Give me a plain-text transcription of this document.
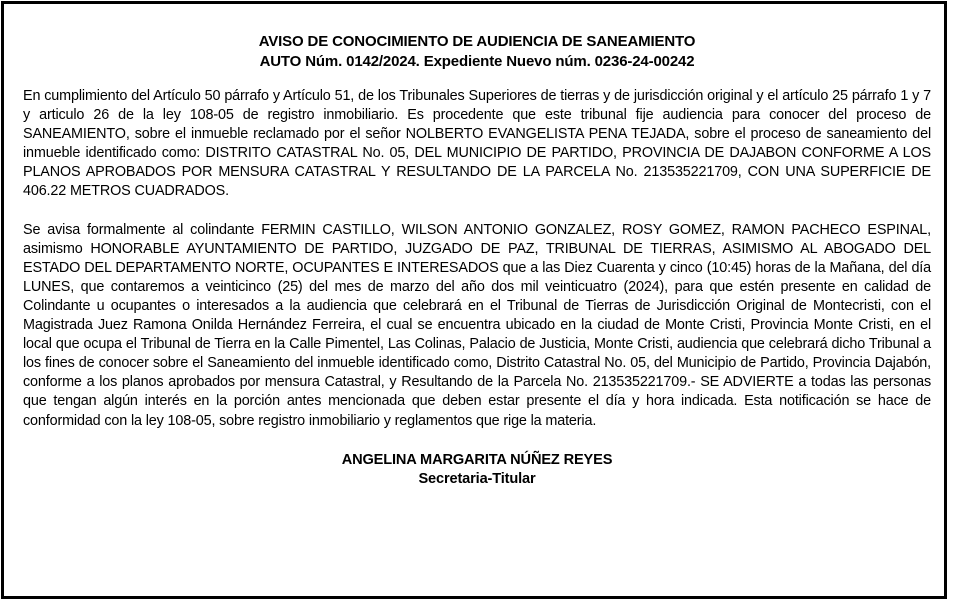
AVISO DE CONOCIMIENTO DE AUDIENCIA DE SANEAMIENTO
AUTO Núm. 0142/2024. Expediente Nuevo núm. 0236-24-00242

En cumplimiento del Artículo 50 párrafo y Artículo 51, de los Tribunales Superiores de tierras y de jurisdicción original y el artículo 25 párrafo 1 y 7 y articulo 26 de la ley 108-05 de registro inmobiliario. Es procedente que este tribunal fije audiencia para conocer del proceso de SANEAMIENTO, sobre el inmueble reclamado por el señor NOLBERTO EVANGELISTA PENA TEJADA, sobre el proceso de saneamiento del inmueble identificado como: DISTRITO CATASTRAL No. 05, DEL MUNICIPIO DE PARTIDO, PROVINCIA DE DAJABON CONFORME A LOS PLANOS APROBADOS POR MENSURA CATASTRAL Y RESULTANDO DE LA PARCELA No. 213535221709, CON UNA SUPERFICIE DE 406.22 METROS CUADRADOS.

Se avisa formalmente al colindante FERMIN CASTILLO, WILSON ANTONIO GONZALEZ, ROSY GOMEZ, RAMON PACHECO ESPINAL, asimismo HONORABLE AYUNTAMIENTO DE PARTIDO, JUZGADO DE PAZ, TRIBUNAL DE TIERRAS, ASIMISMO AL ABOGADO DEL ESTADO DEL DEPARTAMENTO NORTE, OCUPANTES E INTERESADOS que a las Diez Cuarenta y cinco (10:45) horas de la Mañana, del día LUNES, que contaremos a veinticinco (25) del mes de marzo del año dos mil veinticuatro (2024), para que estén presente en calidad de Colindante u ocupantes o interesados a la audiencia que celebrará en el Tribunal de Tierras de Jurisdicción Original de Montecristi, con el Magistrada Juez Ramona Onilda Hernández Ferreira, el cual se encuentra ubicado en la ciudad de Monte Cristi, Provincia Monte Cristi, en el local que ocupa el Tribunal de Tierra en la Calle Pimentel, Las Colinas, Palacio de Justicia, Monte Cristi, audiencia que celebrará dicho Tribunal a los fines de conocer sobre el Saneamiento del inmueble identificado como, Distrito Catastral No. 05, del Municipio de Partido, Provincia Dajabón, conforme a los planos aprobados por mensura Catastral, y Resultando de la Parcela No. 213535221709.- SE ADVIERTE a todas las personas que tengan algún interés en la porción antes mencionada que deben estar presente el día y hora indicada. Esta notificación se hace de conformidad con la ley 108-05, sobre registro inmobiliario y reglamentos que rige la materia.

ANGELINA MARGARITA NÚÑEZ REYES
Secretaria-Titular
